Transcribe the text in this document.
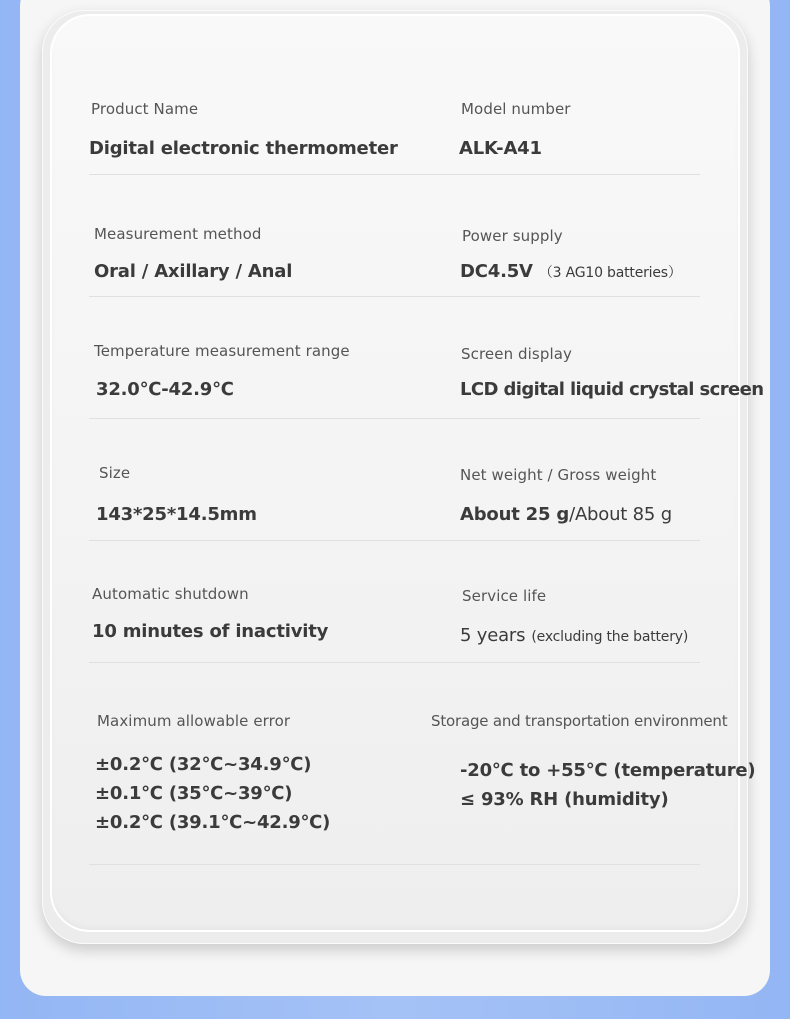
Product Name
Digital electronic thermometer
Model number
ALK-A41
Measurement method
Oral / Axillary / Anal
Power supply
DC4.5V （3 AG10 batteries）
Temperature measurement range
32.0℃-42.9℃
Screen display
LCD digital liquid crystal screen
Size
143*25*14.5mm
Net weight / Gross weight
About 25 g/About 85 g
Automatic shutdown
10 minutes of inactivity
Service life
5 years (excluding the battery)
Maximum allowable error
±0.2℃ (32℃~34.9℃)
±0.1℃ (35℃~39℃)
±0.2℃ (39.1℃~42.9℃)
Storage and transportation environment
-20℃ to +55℃ (temperature)
≤ 93% RH (humidity)
